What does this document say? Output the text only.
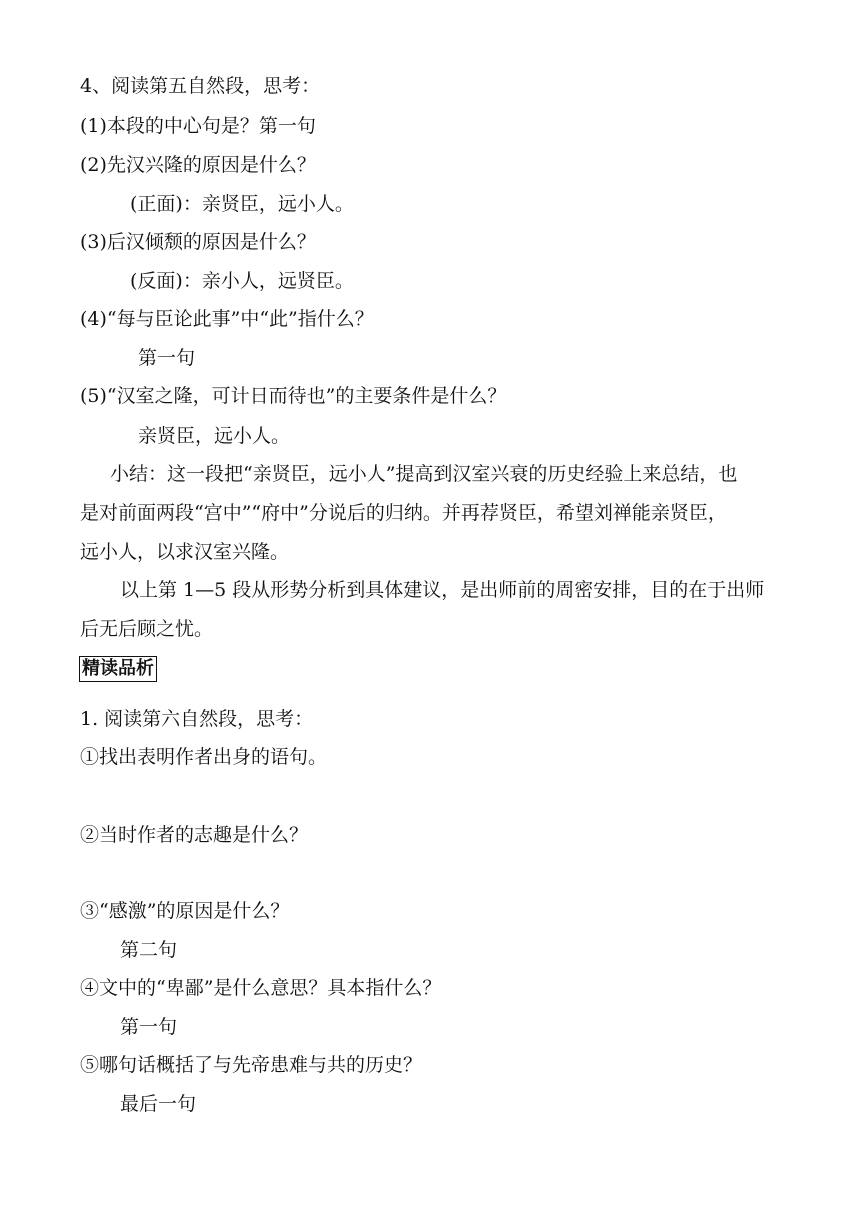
4、阅读第五自然段，思考：
(1)本段的中心句是？第一句
(2)先汉兴隆的原因是什么？
(正面)：亲贤臣，远小人。
(3)后汉倾颓的原因是什么？
(反面)：亲小人，远贤臣。
(4)“每与臣论此事”中“此”指什么？
第一句
(5)“汉室之隆，可计日而待也”的主要条件是什么？
亲贤臣，远小人。
小结：这一段把“亲贤臣，远小人”提高到汉室兴衰的历史经验上来总结，也
是对前面两段“宫中”“府中”分说后的归纳。并再荐贤臣，希望刘禅能亲贤臣，
远小人，以求汉室兴隆。
以上第 1—5 段从形势分析到具体建议，是出师前的周密安排，目的在于出师
后无后顾之忧。
精读品析
1. 阅读第六自然段，思考：
①找出表明作者出身的语句。
②当时作者的志趣是什么？
③“感激”的原因是什么？
第二句
④文中的“卑鄙”是什么意思？具本指什么？
第一句
⑤哪句话概括了与先帝患难与共的历史？
最后一句
